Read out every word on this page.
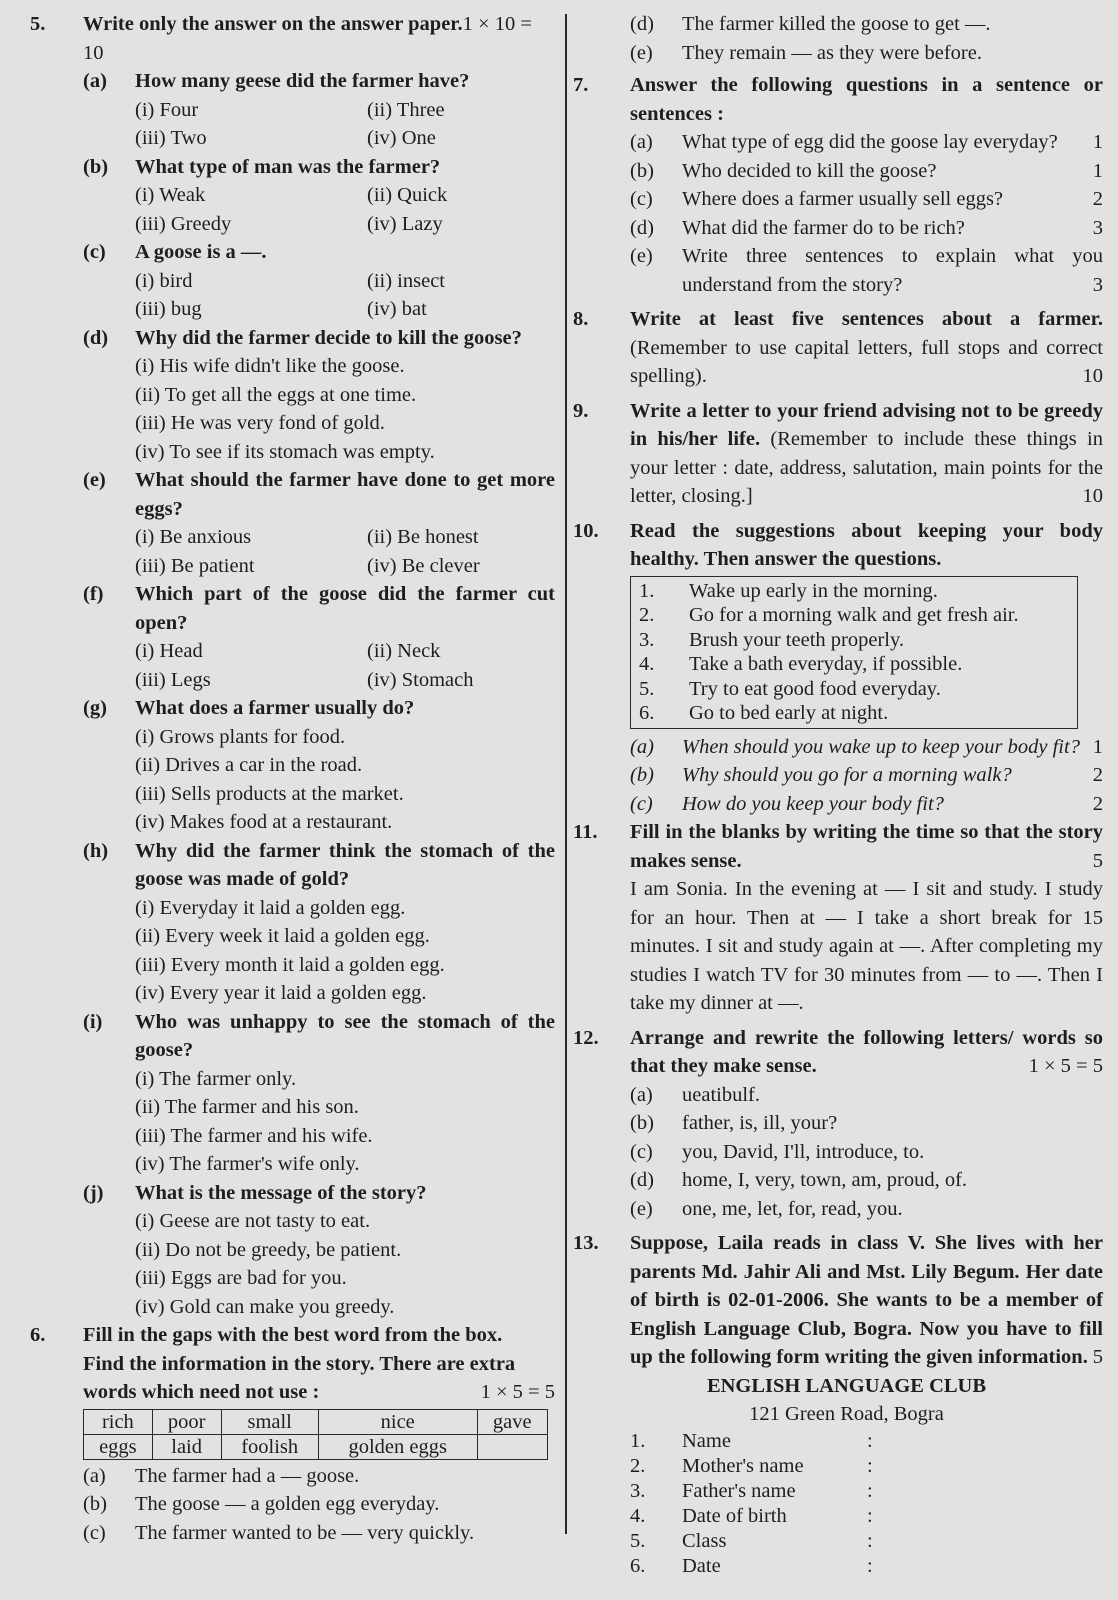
5.	Write only the answer on the answer paper.1 × 10 = 10
(a)	How many geese did the farmer have?
(i) Four	(ii) Three
(iii) Two	(iv) One
(b)	What type of man was the farmer?
(i) Weak	(ii) Quick
(iii) Greedy	(iv) Lazy
(c)	A goose is a —.
(i) bird	(ii) insect
(iii) bug	(iv) bat
(d)	Why did the farmer decide to kill the goose?
(i) His wife didn't like the goose.
(ii) To get all the eggs at one time.
(iii) He was very fond of gold.
(iv) To see if its stomach was empty.
(e)	What should the farmer have done to get more eggs?
(i) Be anxious	(ii) Be honest
(iii) Be patient	(iv) Be clever
(f)	Which part of the goose did the farmer cut open?
(i) Head	(ii) Neck
(iii) Legs	(iv) Stomach
(g)	What does a farmer usually do?
(i) Grows plants for food.
(ii) Drives a car in the road.
(iii) Sells products at the market.
(iv) Makes food at a restaurant.
(h)	Why did the farmer think the stomach of the goose was made of gold?
(i) Everyday it laid a golden egg.
(ii) Every week it laid a golden egg.
(iii) Every month it laid a golden egg.
(iv) Every year it laid a golden egg.
(i)	Who was unhappy to see the stomach of the goose?
(i) The farmer only.
(ii) The farmer and his son.
(iii) The farmer and his wife.
(iv) The farmer's wife only.
(j)	What is the message of the story?
(i) Geese are not tasty to eat.
(ii) Do not be greedy, be patient.
(iii) Eggs are bad for you.
(iv) Gold can make you greedy.
6.	Fill in the gaps with the best word from the box.
Find the information in the story. There are extra
words which need not use :	1 × 5 = 5
rich	poor	small	nice	gave
eggs	laid	foolish	golden eggs	
(a)	The farmer had a — goose.
(b)	The goose — a golden egg everyday.
(c)	The farmer wanted to be — very quickly.
(d)	The farmer killed the goose to get —.
(e)	They remain — as they were before.
7.	Answer the following questions in a sentence or sentences :
(a)	What type of egg did the goose lay everyday? 1
(b)	Who decided to kill the goose?	1
(c)	Where does a farmer usually sell eggs?	2
(d)	What did the farmer do to be rich?	3
(e)	Write three sentences to explain what you understand from the story?	3
8.	Write at least five sentences about a farmer. (Remember to use capital letters, full stops and correct spelling).	10
9.	Write a letter to your friend advising not to be greedy in his/her life. (Remember to include these things in your letter : date, address, salutation, main points for the letter, closing.]	10
10.	Read the suggestions about keeping your body healthy. Then answer the questions.
1.	Wake up early in the morning.
2.	Go for a morning walk and get fresh air.
3.	Brush your teeth properly.
4.	Take a bath everyday, if possible.
5.	Try to eat good food everyday.
6.	Go to bed early at night.
(a)	When should you wake up to keep your body fit? 1
(b)	Why should you go for a morning walk?	2
(c)	How do you keep your body fit?	2
11.	Fill in the blanks by writing the time so that the story makes sense.	5
I am Sonia. In the evening at — I sit and study. I study for an hour. Then at — I take a short break for 15 minutes. I sit and study again at —. After completing my studies I watch TV for 30 minutes from — to —. Then I take my dinner at —.
12.	Arrange and rewrite the following letters/ words so that they make sense.	1 × 5 = 5
(a)	ueatibulf.
(b)	father, is, ill, your?
(c)	you, David, I'll, introduce, to.
(d)	home, I, very, town, am, proud, of.
(e)	one, me, let, for, read, you.
13.	Suppose, Laila reads in class V. She lives with her parents Md. Jahir Ali and Mst. Lily Begum. Her date of birth is 02-01-2006. She wants to be a member of English Language Club, Bogra. Now you have to fill up the following form writing the given information. 5
ENGLISH LANGUAGE CLUB
121 Green Road, Bogra
1.	Name	:
2.	Mother's name	:
3.	Father's name	:
4.	Date of birth	:
5.	Class	:
6.	Date	:
